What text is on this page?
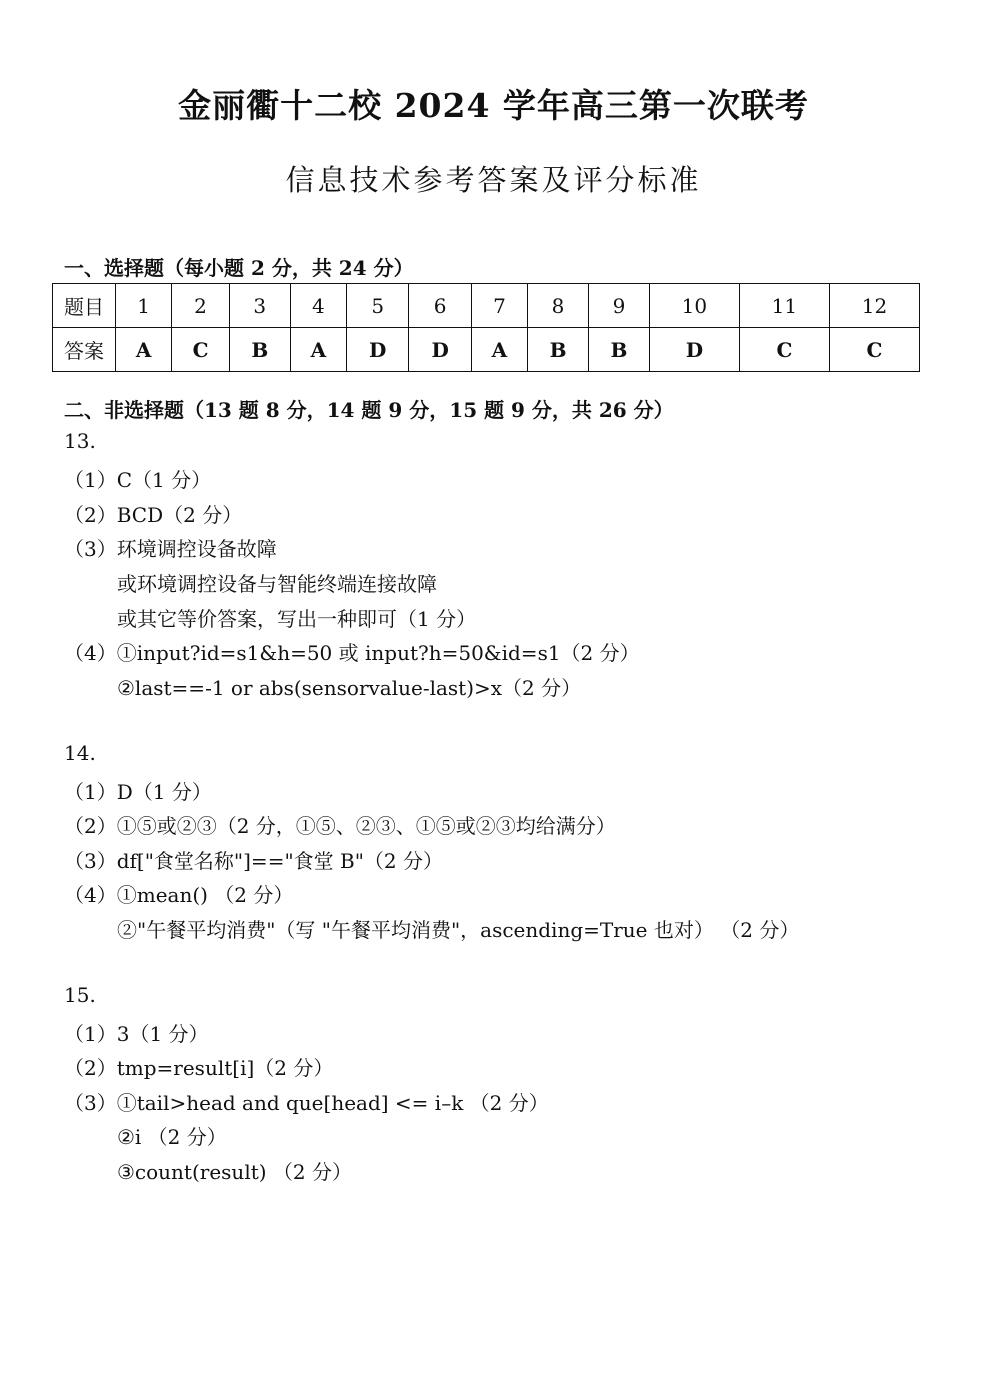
金丽衢十二校 2024 学年高三第一次联考
信息技术参考答案及评分标准
一、选择题（每小题 2 分，共 24 分）
题目	1	2	3	4	5	6	7	8	9	10	11	12
答案	A	C	B	A	D	D	A	B	B	D	C	C
二、非选择题（13 题 8 分，14 题 9 分，15 题 9 分，共 26 分）
13.
（1）C（1 分）
（2）BCD（2 分）
（3）环境调控设备故障
或环境调控设备与智能终端连接故障
或其它等价答案，写出一种即可（1 分）
（4）①input?id=s1&h=50 或 input?h=50&id=s1（2 分）
②last==-1 or abs(sensorvalue-last)>x（2 分）
14.
（1）D（1 分）
（2）①⑤或②③（2 分，①⑤、②③、①⑤或②③均给满分）
（3）df["食堂名称"]=="食堂 B"（2 分）
（4）①mean() （2 分）
②"午餐平均消费"（写 "午餐平均消费"，ascending=True 也对） （2 分）
15.
（1）3（1 分）
（2）tmp=result[i]（2 分）
（3）①tail>head and que[head] <= i–k （2 分）
②i （2 分）
③count(result) （2 分）
